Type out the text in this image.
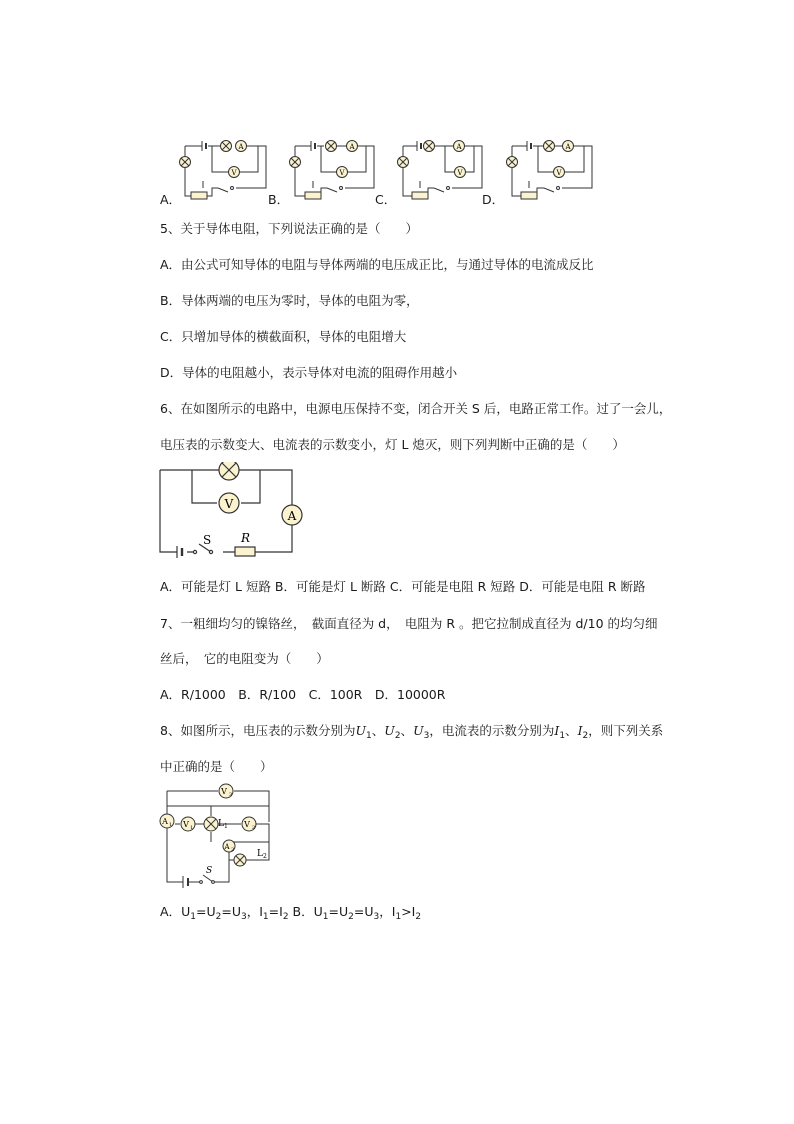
A．	B．	C．	D．
A
V
A
V
A
V
A
V
5、关于导体电阻，下列说法正确的是（　　）
A．由公式可知导体的电阻与导体两端的电压成正比，与通过导体的电流成反比
B．导体两端的电压为零时，导体的电阻为零，
C．只增加导体的横截面积，导体的电阻增大
D．导体的电阻越小，表示导体对电流的阻碍作用越小
6、在如图所示的电路中，电源电压保持不变，闭合开关 S 后，电路正常工作。过了一会儿，
电压表的示数变大、电流表的示数变小，灯 L 熄灭，则下列判断中正确的是（　　）
V
A
S R
A．可能是灯 L 短路 B．可能是灯 L 断路 C．可能是电阻 R 短路 D．可能是电阻 R 断路
7、一粗细均匀的镍铬丝，　截面直径为 d，　电阻为 R 。把它拉制成直径为 d/10 的均匀细
丝后，　它的电阻变为（　　）
A．R/1000　B．R/100　C．100R　D．10000R
8、如图所示，电压表的示数分别为$U_1$、$U_2$、$U_3$，电流表的示数分别为$I_1$、$I_2$，则下列关系
中正确的是（　　）
V 3
A 1 V 1	$L_1$ V 2
A 2	$L_2$
S
A．$U_1=U_2=U_3$，$I_1=I_2$ B．$U_1=U_2=U_3$，$I_1>I_2$
